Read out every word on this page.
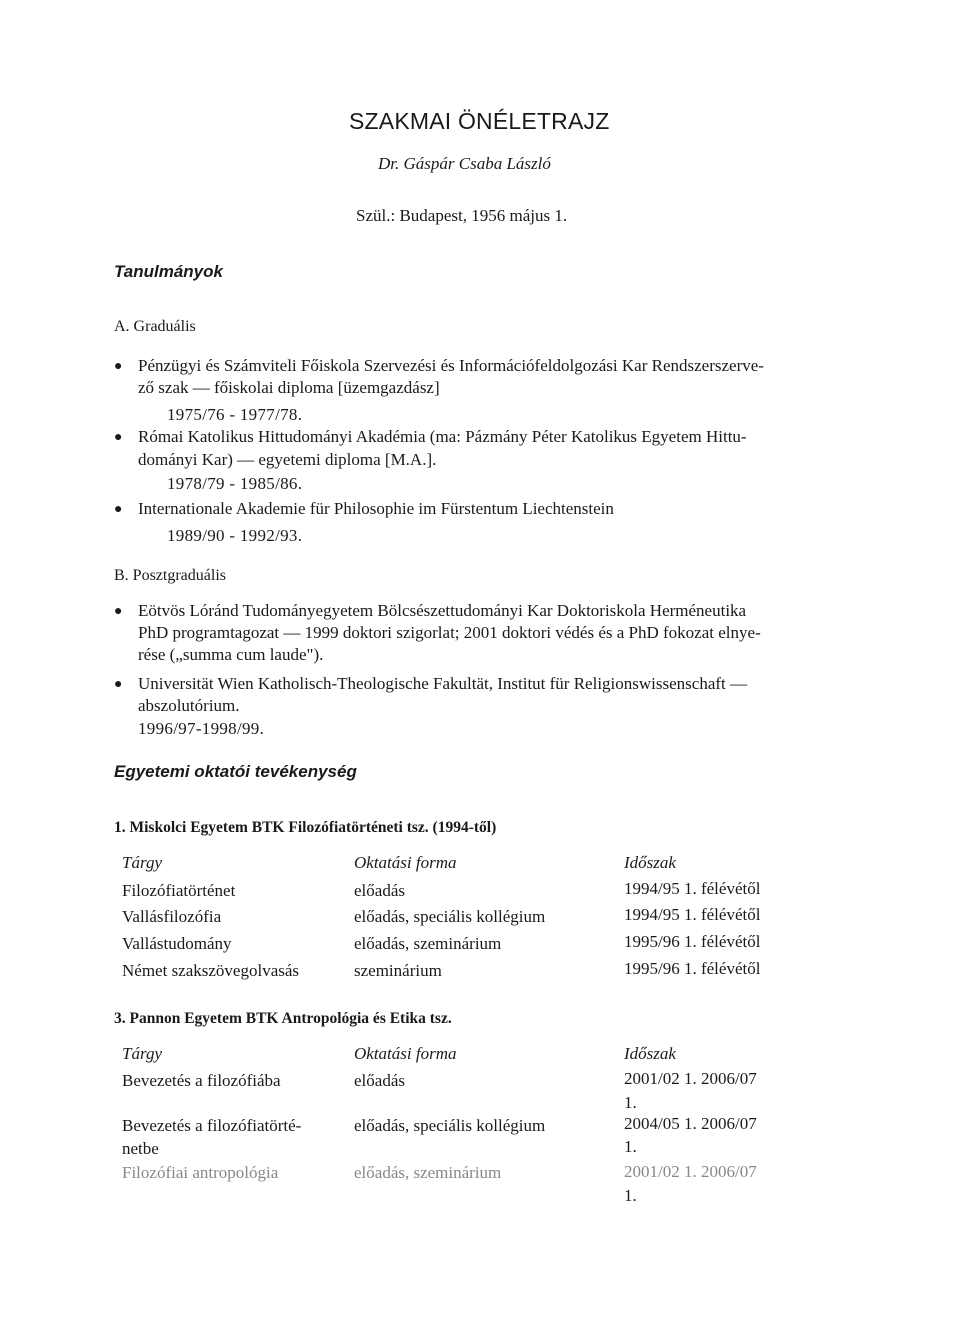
SZAKMAI ÖNÉLETRAJZ
Dr. Gáspár Csaba László
Szül.: Budapest, 1956 május 1.
Tanulmányok
A. Graduális
● Pénzügyi és Számviteli Főiskola Szervezési és Információfeldolgozási Kar Rendszerszerve-
ző szak — főiskolai diploma [üzemgazdász]
1975/76 - 1977/78.
● Római Katolikus Hittudományi Akadémia (ma: Pázmány Péter Katolikus Egyetem Hittu-
dományi Kar) — egyetemi diploma [M.A.].
1978/79 - 1985/86.
● Internationale Akademie für Philosophie im Fürstentum Liechtenstein
1989/90 - 1992/93.
B. Posztgraduális
● Eötvös Lóránd Tudományegyetem Bölcsészettudományi Kar Doktoriskola Herméneutika
PhD programtagozat — 1999 doktori szigorlat; 2001 doktori védés és a PhD fokozat elnye-
rése („summa cum laude").
● Universität Wien Katholisch-Theologische Fakultät, Institut für Religionswissenschaft —
abszolutórium.
1996/97-1998/99.
Egyetemi oktatói tevékenység
1. Miskolci Egyetem BTK Filozófiatörténeti tsz. (1994-től)
Tárgy	Oktatási forma	Időszak
Filozófiatörténet	előadás	1994/95 1. félévétől
Vallásfilozófia	előadás, speciális kollégium	1994/95 1. félévétől
Vallástudomány	előadás, szeminárium	1995/96 1. félévétől
Német szakszövegolvasás	szeminárium	1995/96 1. félévétől
3. Pannon Egyetem BTK Antropológia és Etika tsz.
Tárgy	Oktatási forma	Időszak
Bevezetés a filozófiába	előadás	2001/02 1. 2006/07
1.
Bevezetés a filozófiatörté-
netbe
előadás, speciális kollégium	2004/05 1. 2006/07
1.
Filozófiai antropológia	előadás, szeminárium	2001/02 1. 2006/07
1.
